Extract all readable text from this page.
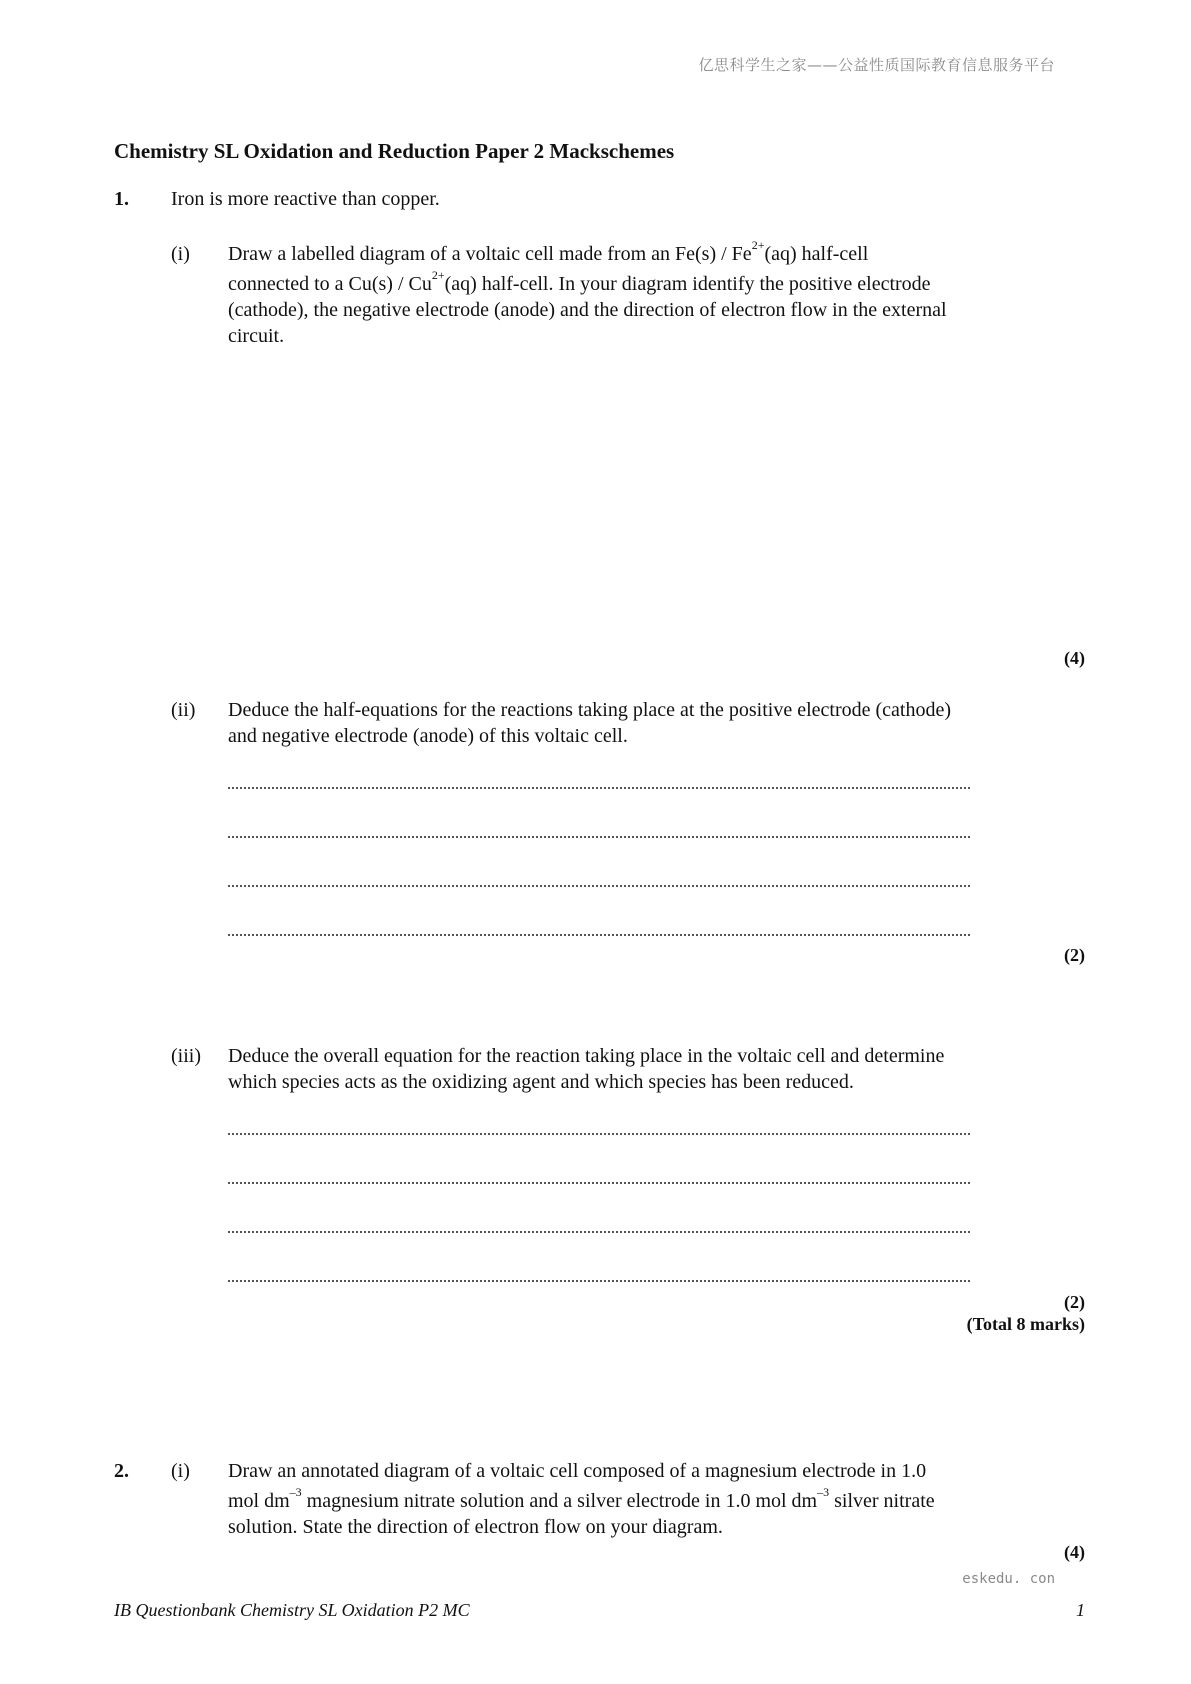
亿思科学生之家——公益性质国际教育信息服务平台
Chemistry SL Oxidation and Reduction Paper 2 Mackschemes
1. Iron is more reactive than copper.
(i) Draw a labelled diagram of a voltaic cell made from an $Fe(s) / Fe^{2+}(aq)$ half-cell
connected to a $Cu(s) / Cu^{2+}(aq)$ half-cell. In your diagram identify the positive electrode
(cathode), the negative electrode (anode) and the direction of electron flow in the external
circuit.
(4)
(ii) Deduce the half-equations for the reactions taking place at the positive electrode (cathode)
and negative electrode (anode) of this voltaic cell.
(2)
(iii) Deduce the overall equation for the reaction taking place in the voltaic cell and determine
which species acts as the oxidizing agent and which species has been reduced.
(2)
(Total 8 marks)
2. (i) Draw an annotated diagram of a voltaic cell composed of a magnesium electrode in 1.0
mol $dm^{-3}$ magnesium nitrate solution and a silver electrode in 1.0 mol $dm^{-3}$ silver nitrate
solution. State the direction of electron flow on your diagram.
(4)
eskedu. con
IB Questionbank Chemistry SL Oxidation P2 MC	1
